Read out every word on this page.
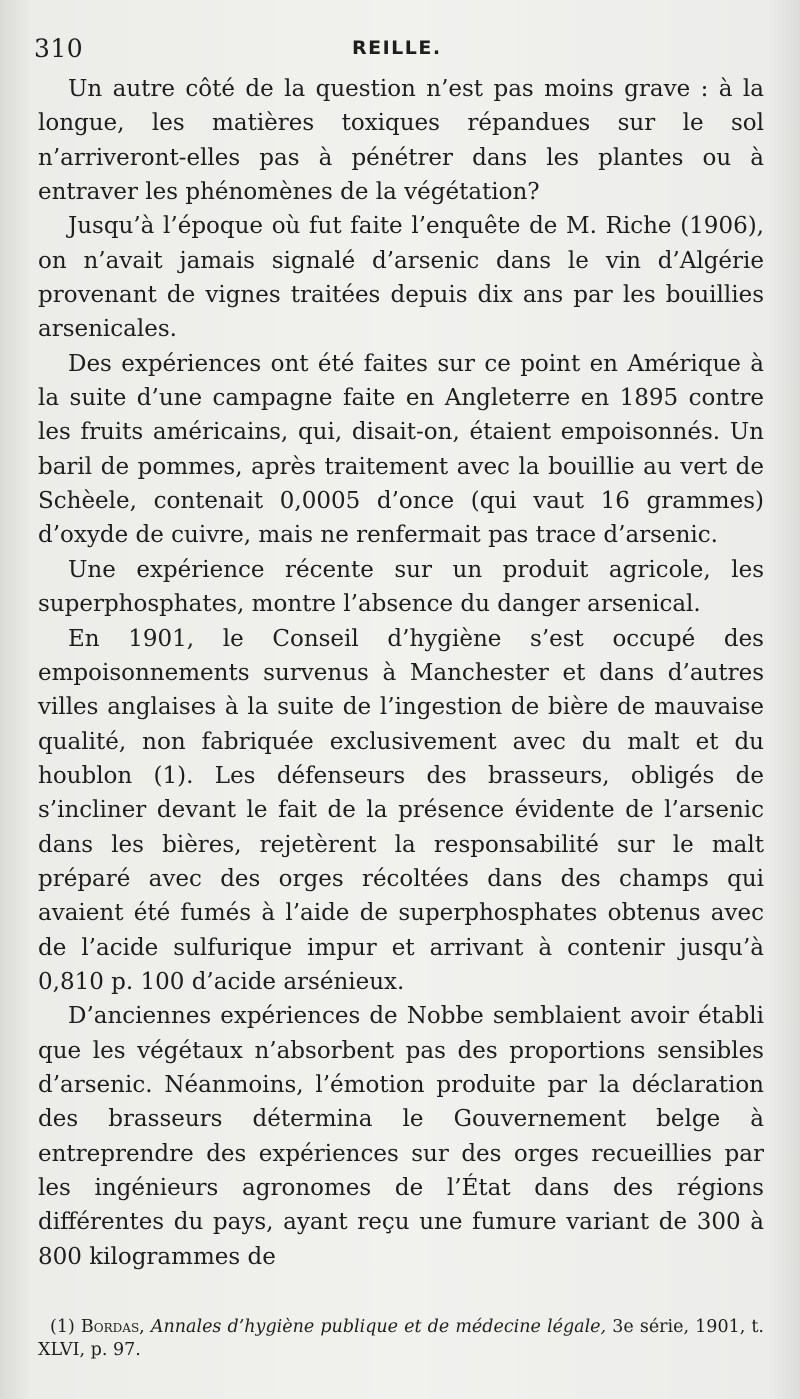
310	REILLE.

Un autre côté de la question n’est pas moins grave : à la longue, les matières toxiques répandues sur le sol n’arriveront-elles pas à pénétrer dans les plantes ou à entraver les phénomènes de la végétation?

Jusqu’à l’époque où fut faite l’enquête de M. Riche (1906), on n’avait jamais signalé d’arsenic dans le vin d’Algérie provenant de vignes traitées depuis dix ans par les bouillies arsenicales.

Des expériences ont été faites sur ce point en Amérique à la suite d’une campagne faite en Angleterre en 1895 contre les fruits américains, qui, disait-on, étaient empoisonnés. Un baril de pommes, après traitement avec la bouillie au vert de Schèele, contenait 0,0005 d’once (qui vaut 16 grammes) d’oxyde de cuivre, mais ne renfermait pas trace d’arsenic.

Une expérience récente sur un produit agricole, les superphosphates, montre l’absence du danger arsenical.

En 1901, le Conseil d’hygiène s’est occupé des empoisonnements survenus à Manchester et dans d’autres villes anglaises à la suite de l’ingestion de bière de mauvaise qualité, non fabriquée exclusivement avec du malt et du houblon (1). Les défenseurs des brasseurs, obligés de s’incliner devant le fait de la présence évidente de l’arsenic dans les bières, rejetèrent la responsabilité sur le malt préparé avec des orges récoltées dans des champs qui avaient été fumés à l’aide de superphosphates obtenus avec de l’acide sulfurique impur et arrivant à contenir jusqu’à 0,810 p. 100 d’acide arsénieux.

D’anciennes expériences de Nobbe semblaient avoir établi que les végétaux n’absorbent pas des proportions sensibles d’arsenic. Néanmoins, l’émotion produite par la déclaration des brasseurs détermina le Gouvernement belge à entreprendre des expériences sur des orges recueillies par les ingénieurs agronomes de l’État dans des régions différentes du pays, ayant reçu une fumure variant de 300 à 800 kilogrammes de

(1) Bordas, Annales d’hygiène publique et de médecine légale, 3e série, 1901, t. XLVI, p. 97.
